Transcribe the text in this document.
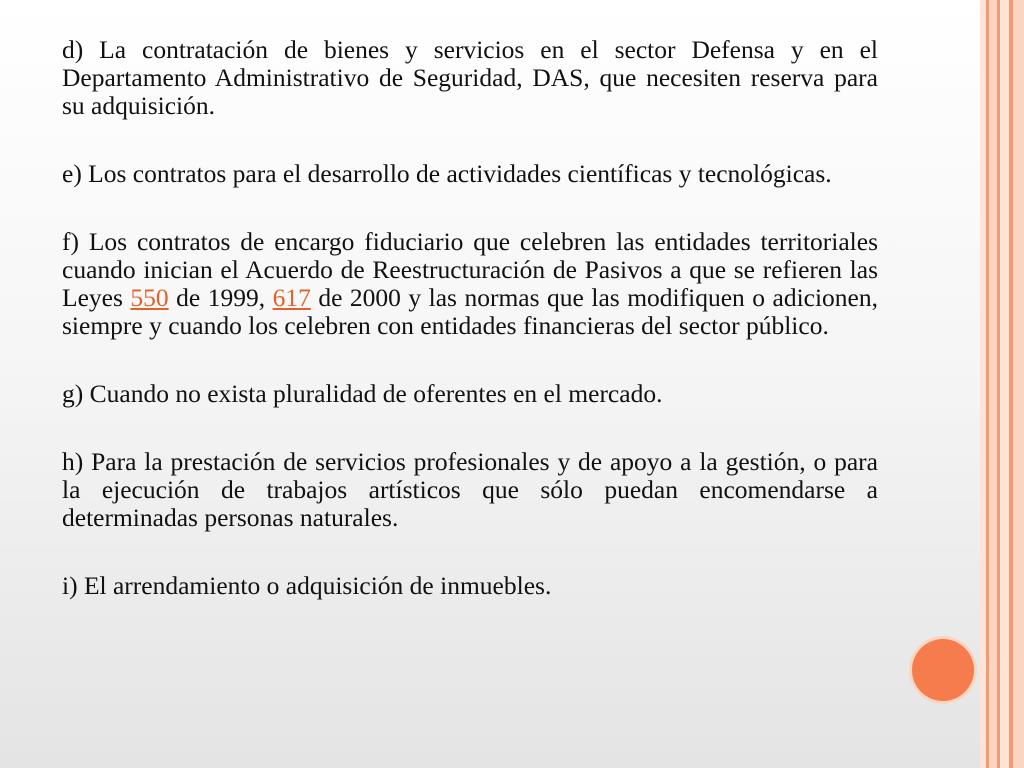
d) La contratación de bienes y servicios en el sector Defensa y en el Departamento Administrativo de Seguridad, DAS, que necesiten reserva para su adquisición.

e) Los contratos para el desarrollo de actividades científicas y tecnológicas.

f) Los contratos de encargo fiduciario que celebren las entidades territoriales cuando inician el Acuerdo de Reestructuración de Pasivos a que se refieren las Leyes 550 de 1999, 617 de 2000 y las normas que las modifiquen o adicionen, siempre y cuando los celebren con entidades financieras del sector público.

g) Cuando no exista pluralidad de oferentes en el mercado.

h) Para la prestación de servicios profesionales y de apoyo a la gestión, o para la ejecución de trabajos artísticos que sólo puedan encomendarse a determinadas personas naturales.

i) El arrendamiento o adquisición de inmuebles.
